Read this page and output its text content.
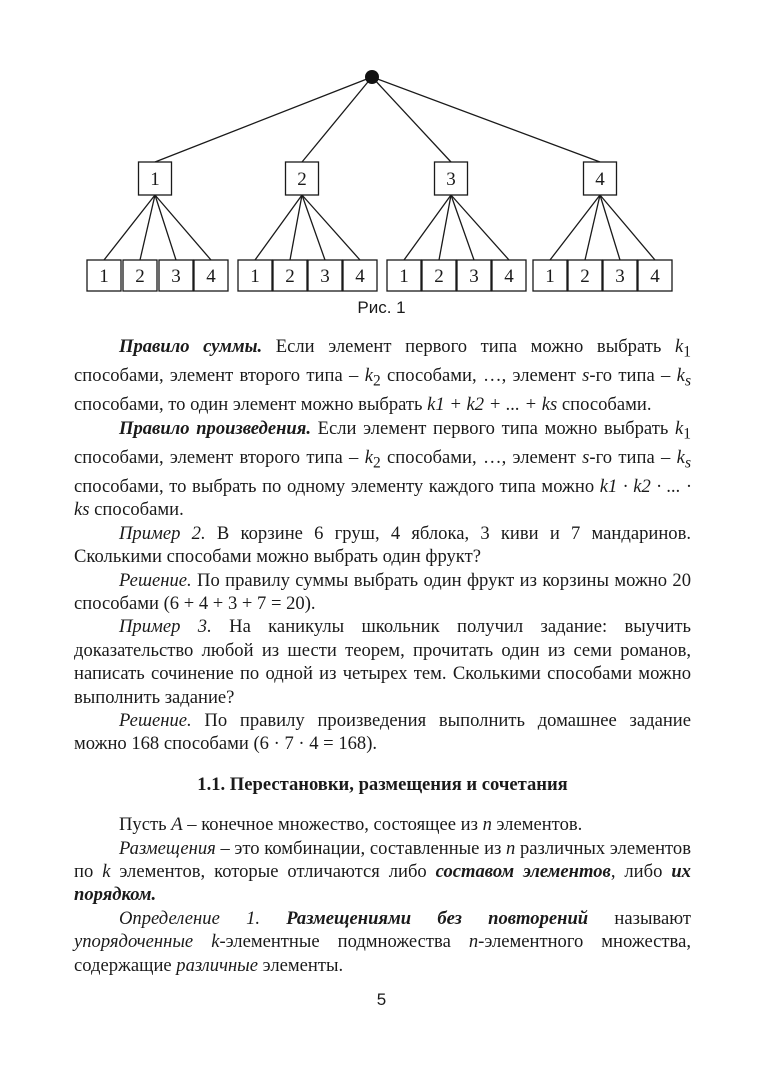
1	2	3	4
1 2 3 4 1 2 3 4 1 2 3 4 1 2 3 4
Рис. 1

Правило суммы. Если элемент первого типа можно выбрать $k_1$ способами, элемент второго типа – $k_2$ способами, …, элемент s-го типа – $k_s$ способами, то один элемент можно выбрать k1 + k2 + ... + ks способами.

Правило произведения. Если элемент первого типа можно выбрать $k_1$ способами, элемент второго типа – $k_2$ способами, …, элемент s-го типа – $k_s$ способами, то выбрать по одному элементу каждого типа можно k1 · k2 · ... · ks способами.

Пример 2. В корзине 6 груш, 4 яблока, 3 киви и 7 мандаринов. Сколькими способами можно выбрать один фрукт?

Решение. По правилу суммы выбрать один фрукт из корзины можно 20 способами (6 + 4 + 3 + 7 = 20).

Пример 3. На каникулы школьник получил задание: выучить доказательство любой из шести теорем, прочитать один из семи романов, написать сочинение по одной из четырех тем. Сколькими способами можно выполнить задание?

Решение. По правилу произведения выполнить домашнее задание можно 168 способами (6 · 7 · 4 = 168).

1.1. Перестановки, размещения и сочетания

Пусть A – конечное множество, состоящее из n элементов.

Размещения – это комбинации, составленные из n различных элементов по k элементов, которые отличаются либо составом элементов, либо их порядком.

Определение 1. Размещениями без повторений называют упорядоченные k-элементные подмножества n-элементного множества, содержащие различные элементы.

5
